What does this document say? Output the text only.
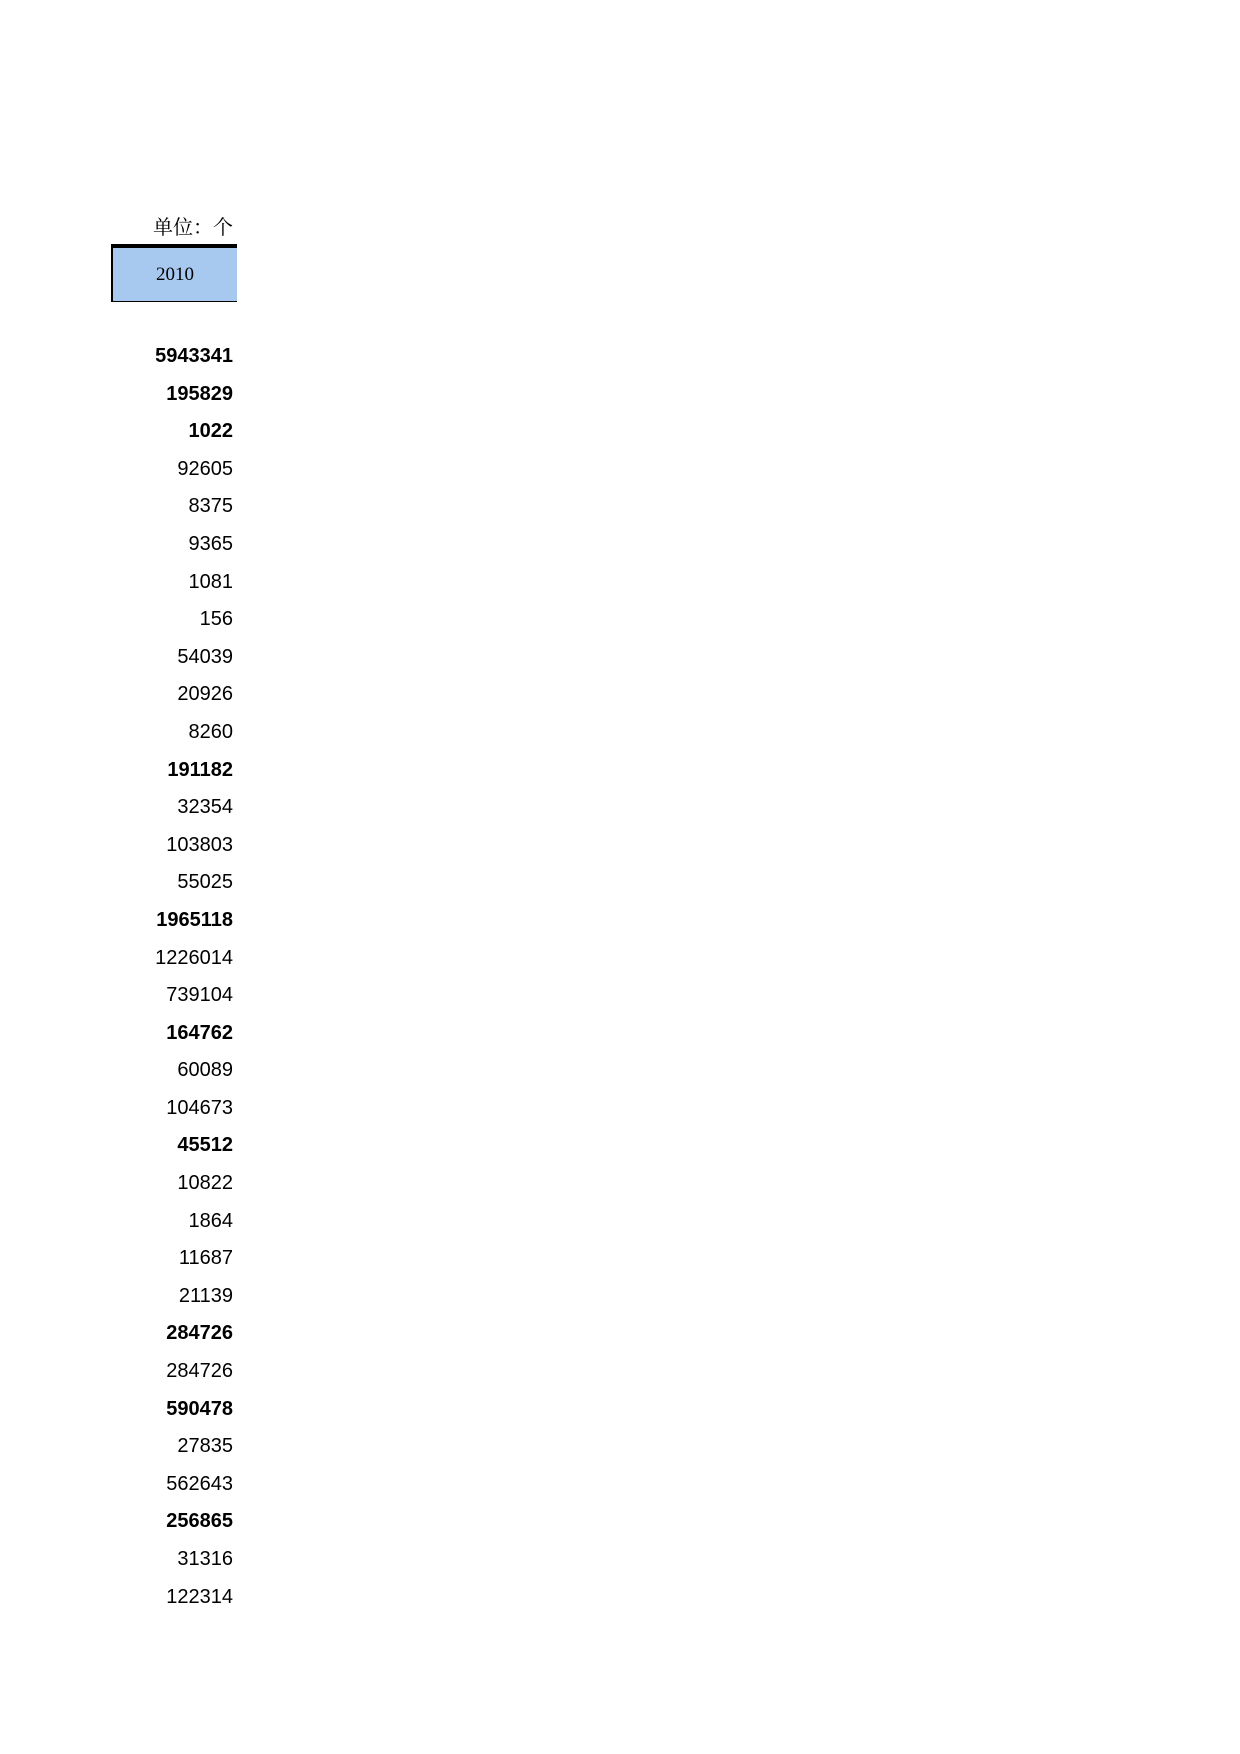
单位：个
2010
5943341
195829
1022
92605
8375
9365
1081
156
54039
20926
8260
191182
32354
103803
55025
1965118
1226014
739104
164762
60089
104673
45512
10822
1864
11687
21139
284726
284726
590478
27835
562643
256865
31316
122314
